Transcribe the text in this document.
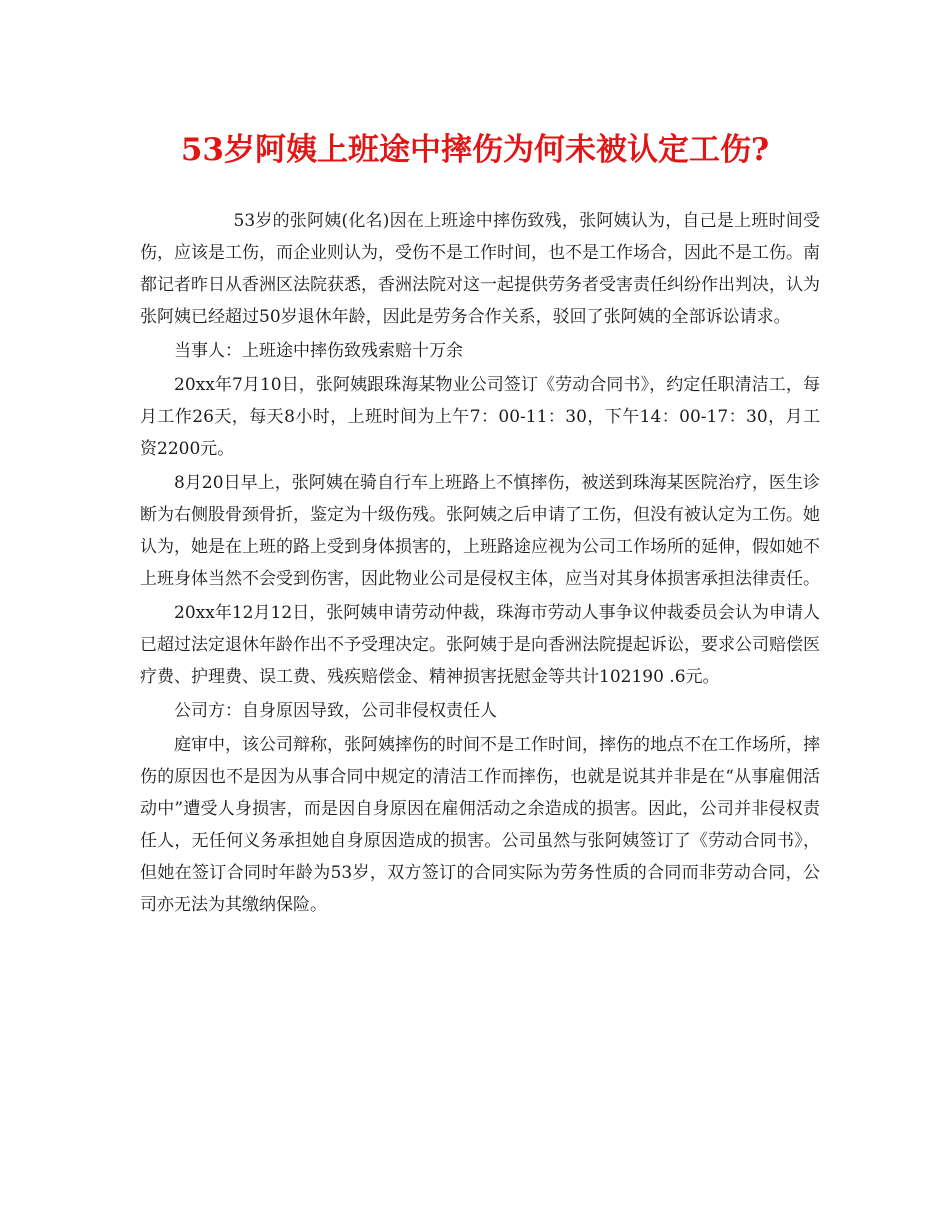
53岁阿姨上班途中摔伤为何未被认定工伤?

53岁的张阿姨(化名)因在上班途中摔伤致残，张阿姨认为，自己是上班时间受伤，应该是工伤，而企业则认为，受伤不是工作时间，也不是工作场合，因此不是工伤。南都记者昨日从香洲区法院获悉，香洲法院对这一起提供劳务者受害责任纠纷作出判决，认为张阿姨已经超过50岁退休年龄，因此是劳务合作关系，驳回了张阿姨的全部诉讼请求。

当事人：上班途中摔伤致残索赔十万余

20xx年7月10日，张阿姨跟珠海某物业公司签订《劳动合同书》，约定任职清洁工，每月工作26天，每天8小时，上班时间为上午7：00-11：30，下午14：00-17：30，月工资2200元。

8月20日早上，张阿姨在骑自行车上班路上不慎摔伤，被送到珠海某医院治疗，医生诊断为右侧股骨颈骨折，鉴定为十级伤残。张阿姨之后申请了工伤，但没有被认定为工伤。她认为，她是在上班的路上受到身体损害的，上班路途应视为公司工作场所的延伸，假如她不上班身体当然不会受到伤害，因此物业公司是侵权主体，应当对其身体损害承担法律责任。

20xx年12月12日，张阿姨申请劳动仲裁，珠海市劳动人事争议仲裁委员会认为申请人已超过法定退休年龄作出不予受理决定。张阿姨于是向香洲法院提起诉讼，要求公司赔偿医疗费、护理费、误工费、残疾赔偿金、精神损害抚慰金等共计102190 .6元。

公司方：自身原因导致，公司非侵权责任人

庭审中，该公司辩称，张阿姨摔伤的时间不是工作时间，摔伤的地点不在工作场所，摔伤的原因也不是因为从事合同中规定的清洁工作而摔伤，也就是说其并非是在“从事雇佣活动中”遭受人身损害，而是因自身原因在雇佣活动之余造成的损害。因此，公司并非侵权责任人，无任何义务承担她自身原因造成的损害。公司虽然与张阿姨签订了《劳动合同书》，但她在签订合同时年龄为53岁，双方签订的合同实际为劳务性质的合同而非劳动合同，公司亦无法为其缴纳保险。
